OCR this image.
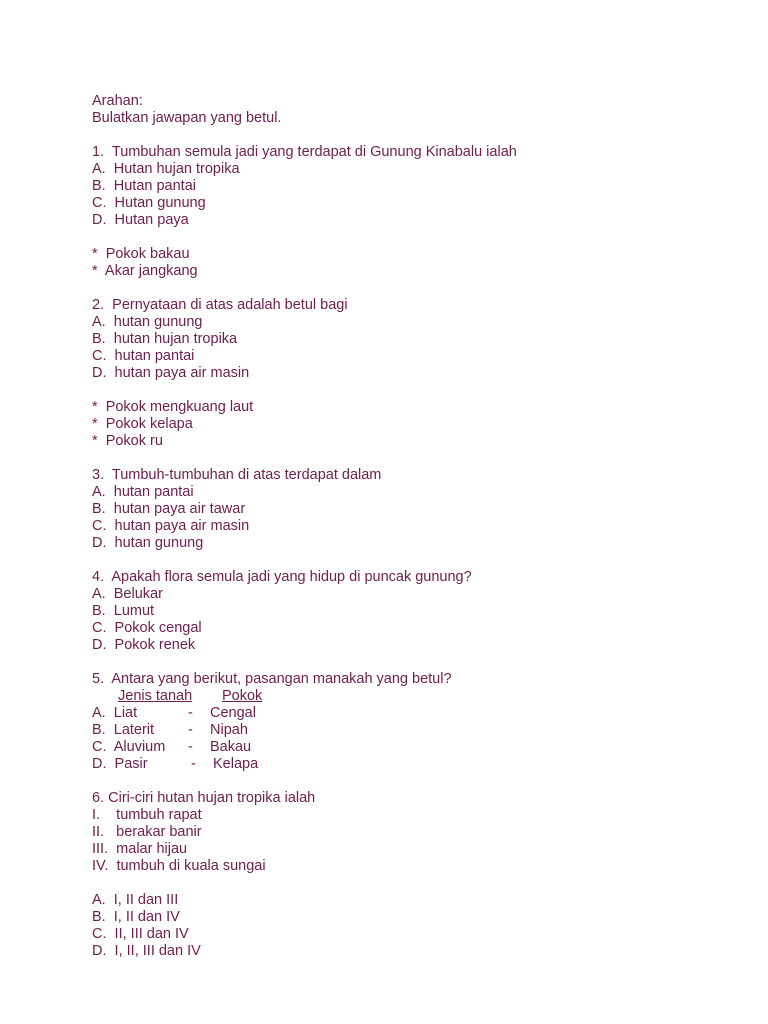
Arahan:
Bulatkan jawapan yang betul.
1.  Tumbuhan semula jadi yang terdapat di Gunung Kinabalu ialah
A.  Hutan hujan tropika
B.  Hutan pantai
C.  Hutan gunung
D.  Hutan paya
*  Pokok bakau
*  Akar jangkang
2.  Pernyataan di atas adalah betul bagi
A.  hutan gunung
B.  hutan hujan tropika
C.  hutan pantai
D.  hutan paya air masin
*  Pokok mengkuang laut
*  Pokok kelapa
*  Pokok ru
3.  Tumbuh-tumbuhan di atas terdapat dalam
A.  hutan pantai
B.  hutan paya air tawar
C.  hutan paya air masin
D.  hutan gunung
4.  Apakah flora semula jadi yang hidup di puncak gunung?
A.  Belukar
B.  Lumut
C.  Pokok cengal
D.  Pokok renek
5.  Antara yang berikut, pasangan manakah yang betul?

Jenis tanah

Pokok

A.  Liat

	-

Cengal

B.  Laterit

-

Nipah

C.  Aluvium

-

Bakau

D.  Pasir

	-

Kelapa

6. Ciri-ciri hutan hujan tropika ialah
I.    tumbuh rapat
II.   berakar banir
III.  malar hijau
IV.  tumbuh di kuala sungai
A.  I, II dan III
B.  I, II dan IV
C.  II, III dan IV
D.  I, II, III dan IV
